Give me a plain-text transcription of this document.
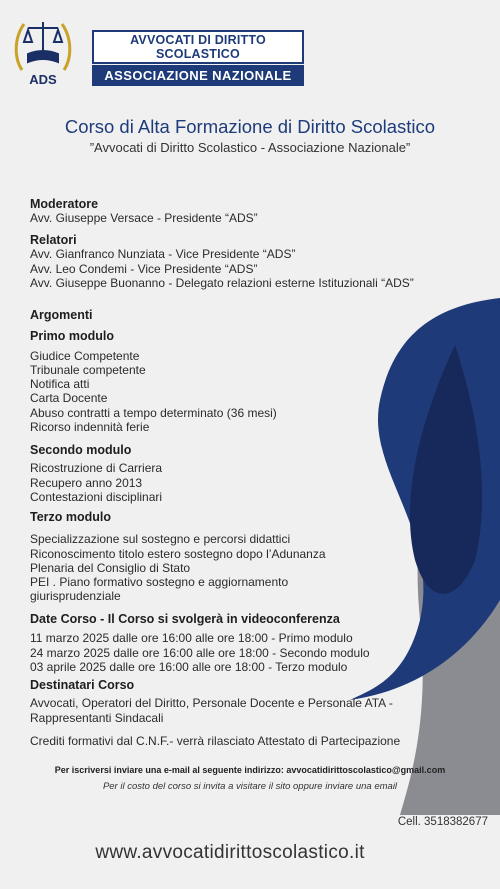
ADS
AVVOCATI DI DIRITTO SCOLASTICO
ASSOCIAZIONE NAZIONALE
Corso di Alta Formazione di Diritto Scolastico
”Avvocati di Diritto Scolastico - Associazione Nazionale”
Moderatore
Avv. Giuseppe Versace - Presidente “ADS”
Relatori
Avv. Gianfranco Nunziata - Vice Presidente “ADS”
Avv. Leo Condemi - Vice Presidente “ADS”
Avv. Giuseppe Buonanno - Delegato relazioni esterne Istituzionali “ADS”
Argomenti
Primo modulo
Giudice Competente
Tribunale competente
Notifica atti
Carta Docente
Abuso contratti a tempo determinato (36 mesi)
Ricorso indennità ferie
Secondo modulo
Ricostruzione di Carriera
Recupero anno 2013
Contestazioni disciplinari
Terzo modulo
Specializzazione sul sostegno e percorsi didattici
Riconoscimento titolo estero sostegno dopo l’Adunanza
Plenaria del Consiglio di Stato
PEI . Piano formativo sostegno e aggiornamento
giurisprudenziale
Date Corso - Il Corso si svolgerà in videoconferenza
11 marzo 2025 dalle ore 16:00 alle ore 18:00 - Primo modulo
24 marzo 2025 dalle ore 16:00 alle ore 18:00 - Secondo modulo
03 aprile 2025 dalle ore 16:00 alle ore 18:00 - Terzo modulo
Destinatari Corso
Avvocati, Operatori del Diritto, Personale Docente e Personale ATA -
Rappresentanti Sindacali
Crediti formativi dal C.N.F.- verrà rilasciato Attestato di Partecipazione
Per iscriversi inviare una e-mail al seguente indirizzo: avvocatidirittoscolastico@gmail.com
Per il costo del corso si invita a visitare il sito oppure inviare una email
Cell. 3518382677
www.avvocatidirittoscolastico.it
